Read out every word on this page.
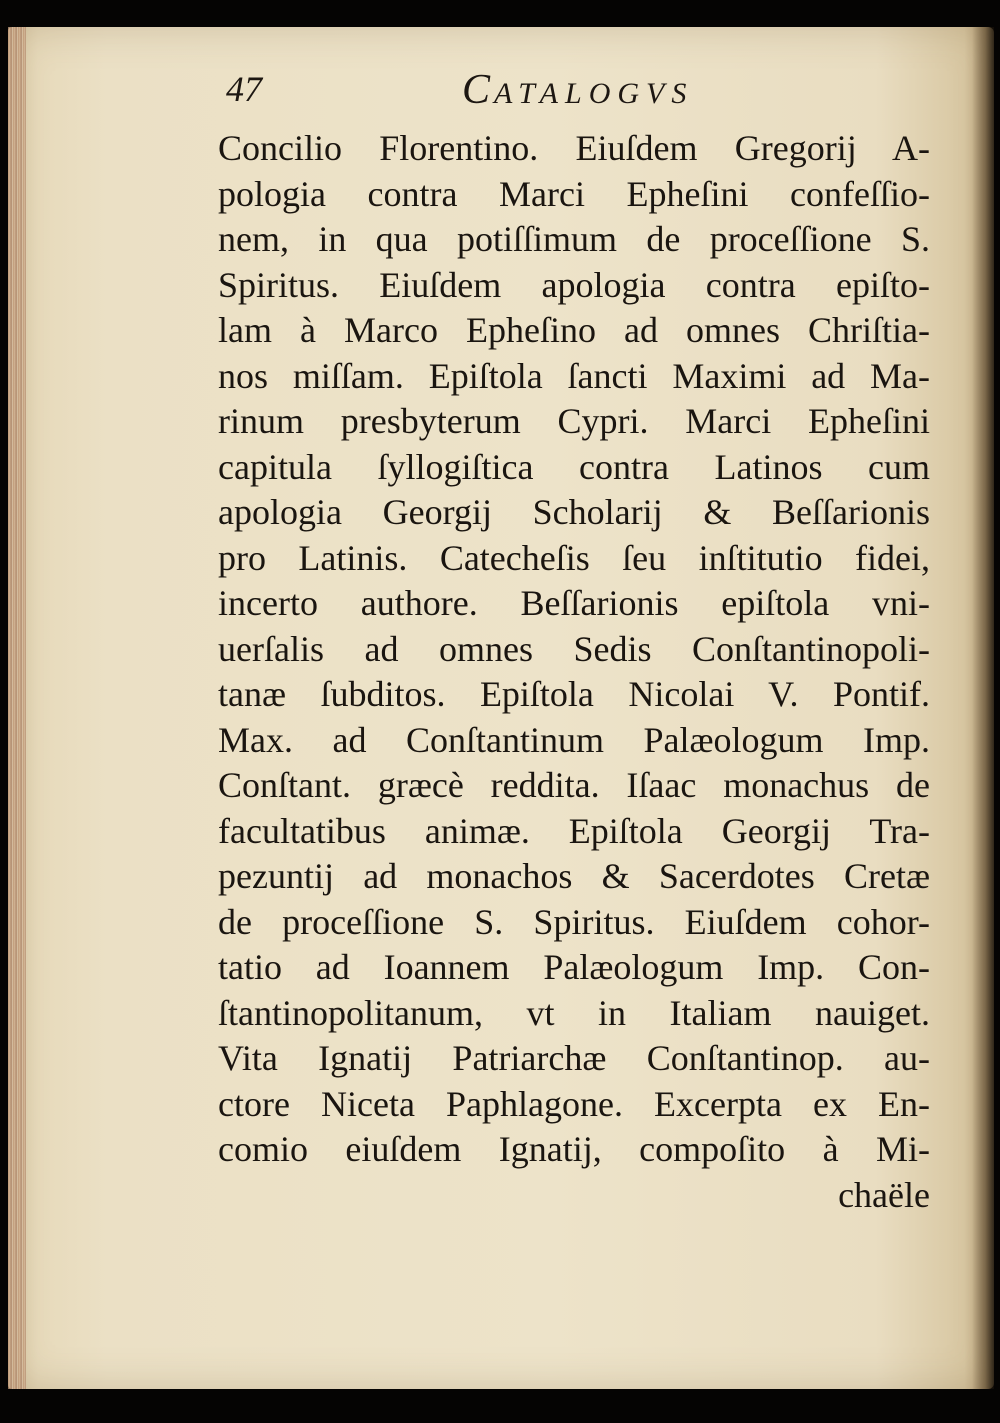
47	CATALOGVS
Concilio Florentino. Eiuſdem Gregorij A-
pologia contra Marci Epheſini confeſſio-
nem, in qua potiſſimum de proceſſione S.
Spiritus. Eiuſdem apologia contra epiſto-
lam à Marco Epheſino ad omnes Chriſtia-
nos miſſam. Epiſtola ſancti Maximi ad Ma-
rinum presbyterum Cypri. Marci Epheſini
capitula ſyllogiſtica contra Latinos cum
apologia Georgij Scholarij & Beſſarionis
pro Latinis. Catecheſis ſeu inſtitutio fidei,
incerto authore. Beſſarionis epiſtola vni-
uerſalis ad omnes Sedis Conſtantinopoli-
tanæ ſubditos. Epiſtola Nicolai V. Pontif.
Max. ad Conſtantinum Palæologum Imp.
Conſtant. græcè reddita. Iſaac monachus de
facultatibus animæ. Epiſtola Georgij Tra-
pezuntij ad monachos & Sacerdotes Cretæ
de proceſſione S. Spiritus. Eiuſdem cohor-
tatio ad Ioannem Palæologum Imp. Con-
ſtantinopolitanum, vt in Italiam nauiget.
Vita Ignatij Patriarchæ Conſtantinop. au-
ctore Niceta Paphlagone. Excerpta ex En-
comio eiuſdem Ignatij, compoſito à Mi-
chaële
